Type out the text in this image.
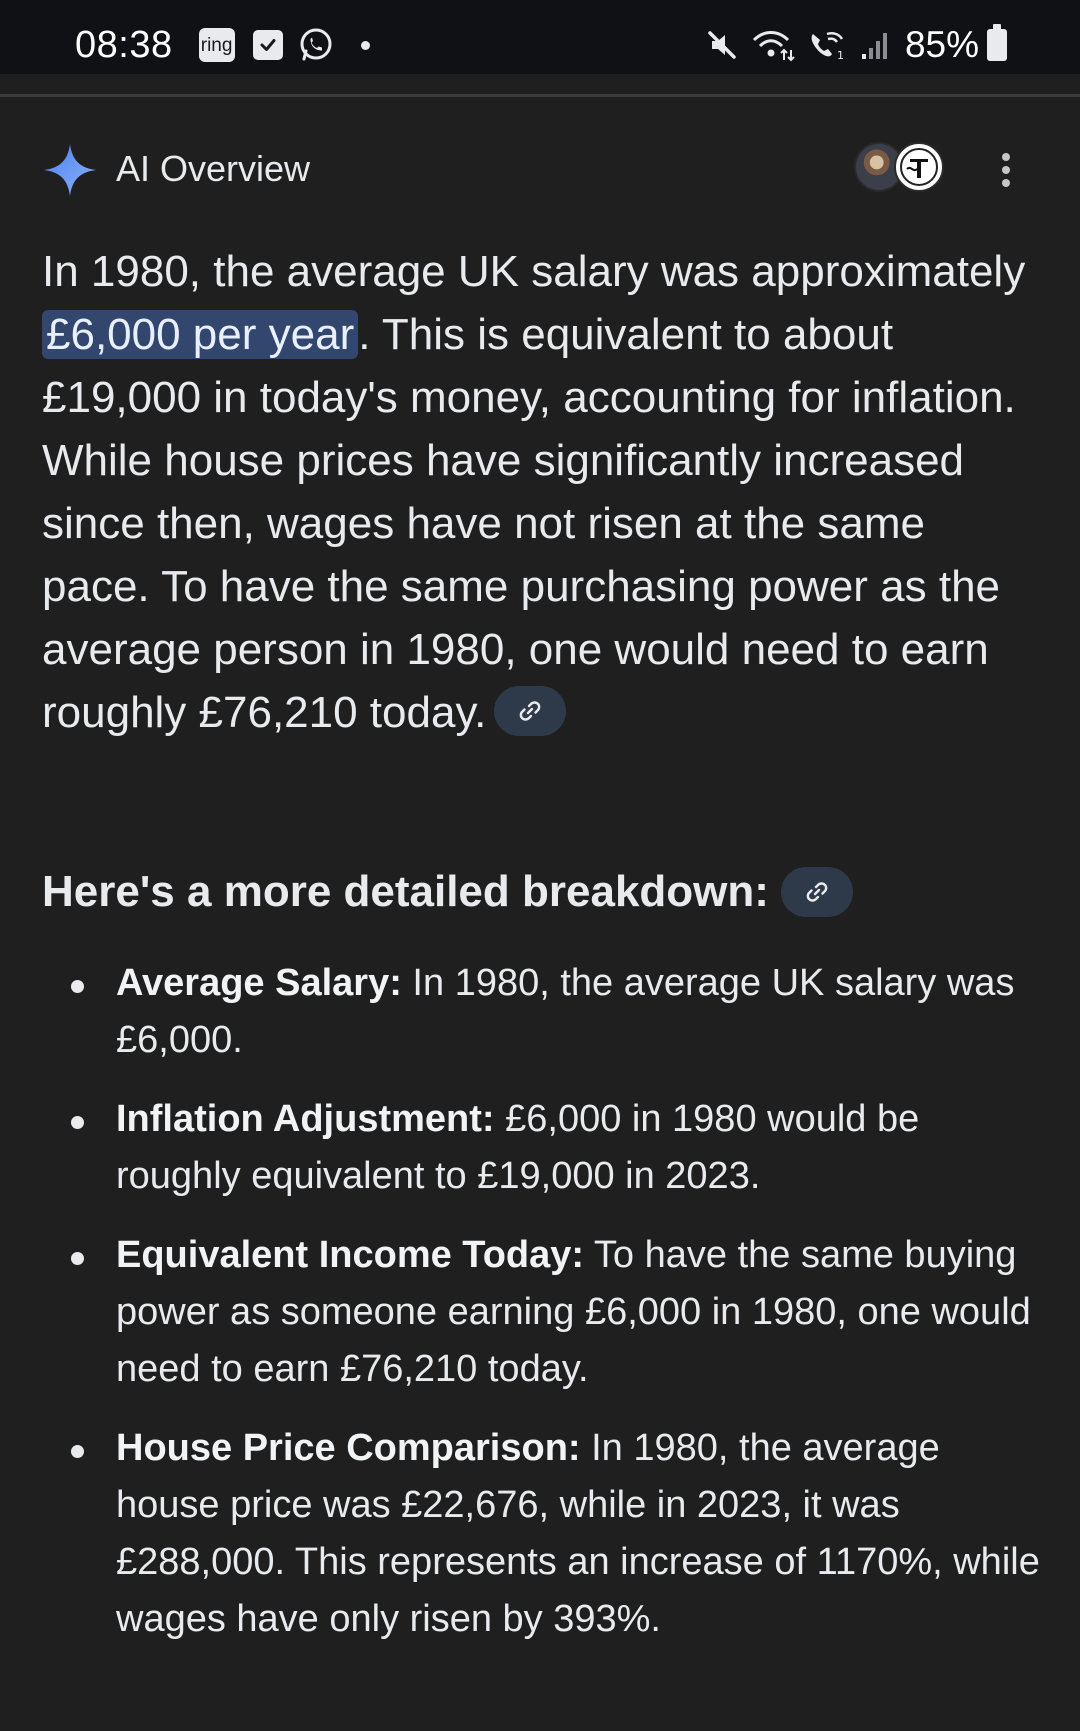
08:38 ring	1 85%
AI Overview

In 1980, the average UK salary was approximately £6,000 per year. This is equivalent to about £19,000 in today's money, accounting for inflation. While house prices have significantly increased since then, wages have not risen at the same pace. To have the same purchasing power as the average person in 1980, one would need to earn roughly £76,210 today.

Here's a more detailed breakdown:
Average Salary: In 1980, the average UK salary was £6,000.
Inflation Adjustment: £6,000 in 1980 would be roughly equivalent to £19,000 in 2023.
Equivalent Income Today: To have the same buying power as someone earning £6,000 in 1980, one would need to earn £76,210 today.
House Price Comparison: In 1980, the average house price was £22,676, while in 2023, it was £288,000. This represents an increase of 1170%, while wages have only risen by 393%.
